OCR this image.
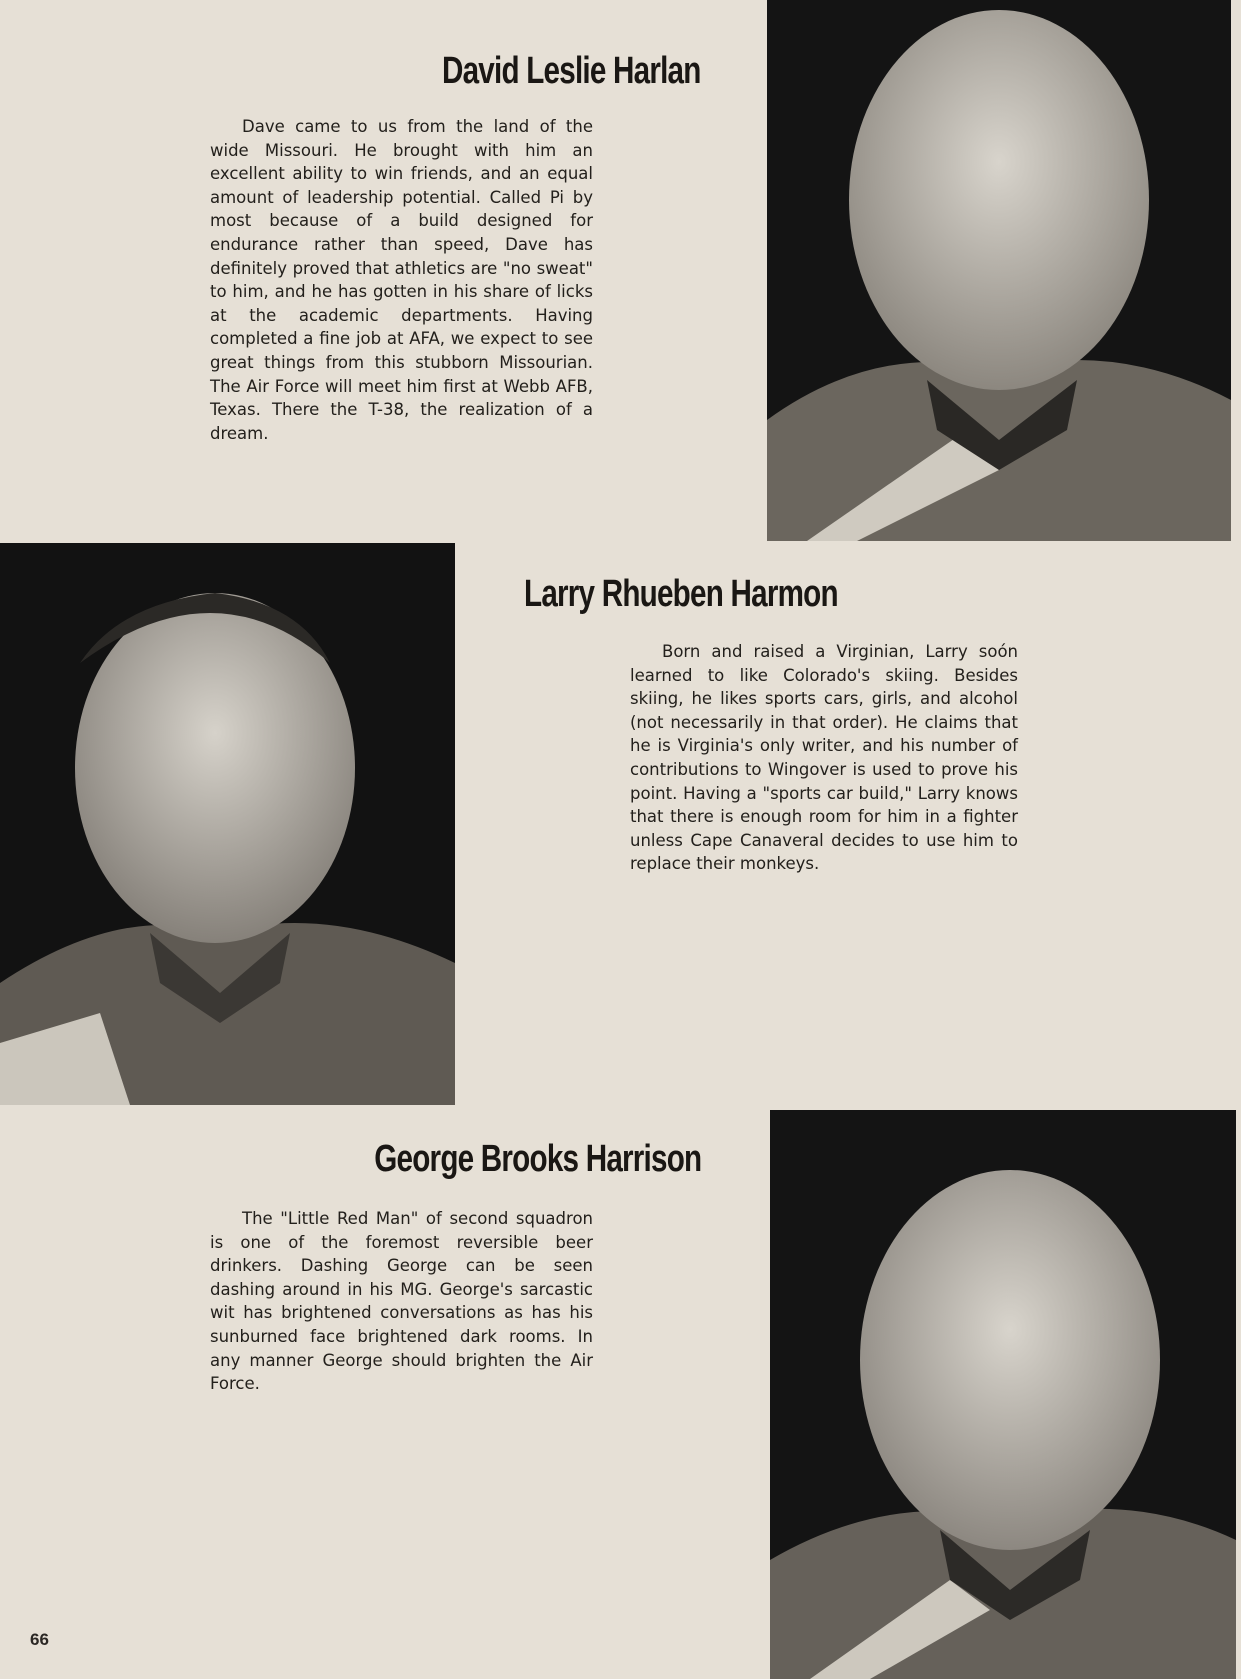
David Leslie Harlan

Dave came to us from the land of the wide Missouri. He brought with him an excellent ability to win friends, and an equal amount of leadership potential. Called Pi by most because of a build designed for endurance rather than speed, Dave has definitely proved that athletics are "no sweat" to him, and he has gotten in his share of licks at the academic departments. Having completed a fine job at AFA, we expect to see great things from this stubborn Missourian. The Air Force will meet him first at Webb AFB, Texas. There the T-38, the realization of a dream.

Larry Rhueben Harmon

Born and raised a Virginian, Larry soón learned to like Colorado's skiing. Besides skiing, he likes sports cars, girls, and alcohol (not necessarily in that order). He claims that he is Virginia's only writer, and his number of contributions to Wingover is used to prove his point. Having a "sports car build," Larry knows that there is enough room for him in a fighter unless Cape Canaveral decides to use him to replace their monkeys.

George Brooks Harrison

The "Little Red Man" of second squadron is one of the foremost reversible beer drinkers. Dashing George can be seen dashing around in his MG. George's sarcastic wit has brightened conversations as has his sunburned face brightened dark rooms. In any manner George should brighten the Air Force.

66
